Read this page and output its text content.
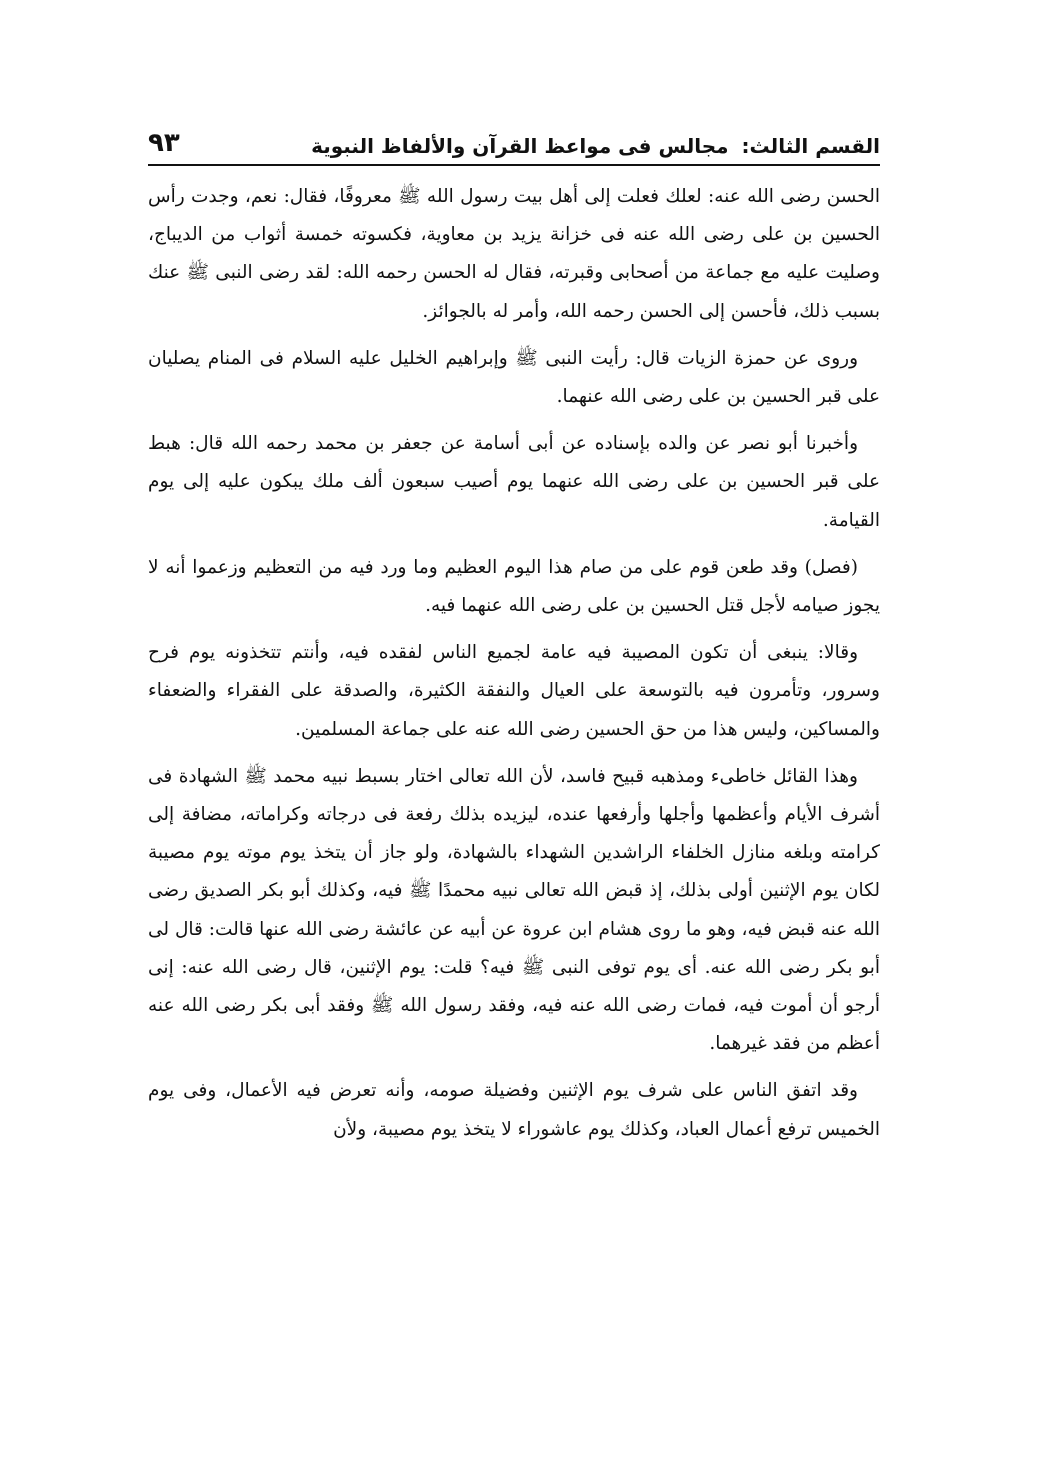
القسم الثالث: مجالس فى مواعظ القرآن والألفاظ النبوية
٩٣

الحسن رضى الله عنه: لعلك فعلت إلى أهل بيت رسول الله ﷺ معروفًا، فقال: نعم، وجدت رأس الحسين بن على رضى الله عنه فى خزانة يزيد بن معاوية، فكسوته خمسة أثواب من الديباج، وصليت عليه مع جماعة من أصحابى وقبرته، فقال له الحسن رحمه الله: لقد رضى النبى ﷺ عنك بسبب ذلك، فأحسن إلى الحسن رحمه الله، وأمر له بالجوائز.

وروى عن حمزة الزيات قال: رأيت النبى ﷺ وإبراهيم الخليل عليه السلام فى المنام يصليان على قبر الحسين بن على رضى الله عنهما.

وأخبرنا أبو نصر عن والده بإسناده عن أبى أسامة عن جعفر بن محمد رحمه الله قال: هبط على قبر الحسين بن على رضى الله عنهما يوم أصيب سبعون ألف ملك يبكون عليه إلى يوم القيامة.

(فصل) وقد طعن قوم على من صام هذا اليوم العظيم وما ورد فيه من التعظيم وزعموا أنه لا يجوز صيامه لأجل قتل الحسين بن على رضى الله عنهما فيه.

وقالا: ينبغى أن تكون المصيبة فيه عامة لجميع الناس لفقده فيه، وأنتم تتخذونه يوم فرح وسرور، وتأمرون فيه بالتوسعة على العيال والنفقة الكثيرة، والصدقة على الفقراء والضعفاء والمساكين، وليس هذا من حق الحسين رضى الله عنه على جماعة المسلمين.

وهذا القائل خاطىء ومذهبه قبيح فاسد، لأن الله تعالى اختار بسبط نبيه محمد ﷺ الشهادة فى أشرف الأيام وأعظمها وأجلها وأرفعها عنده، ليزيده بذلك رفعة فى درجاته وكراماته، مضافة إلى كرامته وبلغه منازل الخلفاء الراشدين الشهداء بالشهادة، ولو جاز أن يتخذ يوم موته يوم مصيبة لكان يوم الإثنين أولى بذلك، إذ قبض الله تعالى نبيه محمدًا ﷺ فيه، وكذلك أبو بكر الصديق رضى الله عنه قبض فيه، وهو ما روى هشام ابن عروة عن أبيه عن عائشة رضى الله عنها قالت: قال لى أبو بكر رضى الله عنه. أى يوم توفى النبى ﷺ فيه؟ قلت: يوم الإثنين، قال رضى الله عنه: إنى أرجو أن أموت فيه، فمات رضى الله عنه فيه، وفقد رسول الله ﷺ وفقد أبى بكر رضى الله عنه أعظم من فقد غيرهما.

وقد اتفق الناس على شرف يوم الإثنين وفضيلة صومه، وأنه تعرض فيه الأعمال، وفى يوم الخميس ترفع أعمال العباد، وكذلك يوم عاشوراء لا يتخذ يوم مصيبة، ولأن
